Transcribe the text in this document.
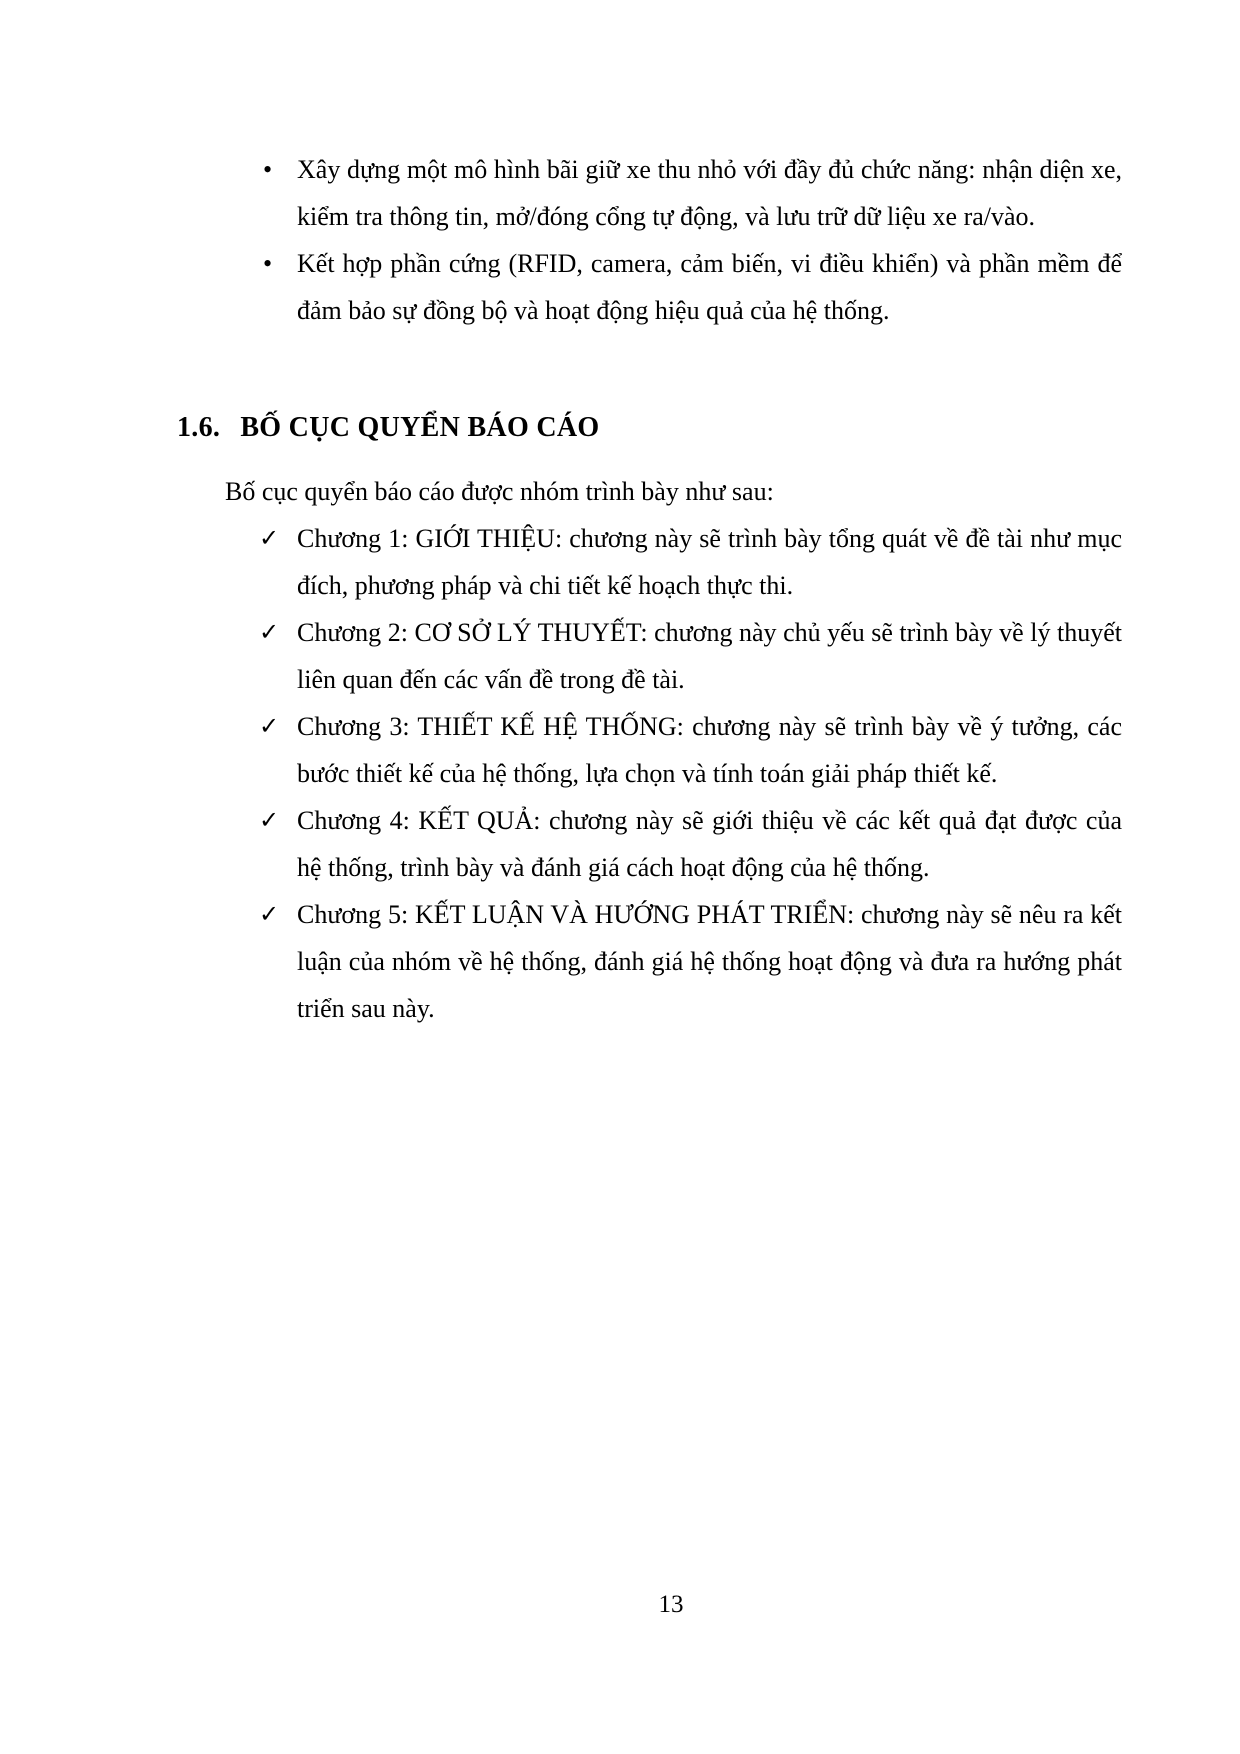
• Xây dựng một mô hình bãi giữ xe thu nhỏ với đầy đủ chức năng: nhận diện xe, kiểm tra thông tin, mở/đóng cổng tự động, và lưu trữ dữ liệu xe ra/vào.
• Kết hợp phần cứng (RFID, camera, cảm biến, vi điều khiển) và phần mềm để đảm bảo sự đồng bộ và hoạt động hiệu quả của hệ thống.
1.6. BỐ CỤC QUYỂN BÁO CÁO

Bố cục quyển báo cáo được nhóm trình bày như sau:

✓ Chương 1: GIỚI THIỆU: chương này sẽ trình bày tổng quát về đề tài như mục đích, phương pháp và chi tiết kế hoạch thực thi.
✓ Chương 2: CƠ SỞ LÝ THUYẾT: chương này chủ yếu sẽ trình bày về lý thuyết liên quan đến các vấn đề trong đề tài.
✓ Chương 3: THIẾT KẾ HỆ THỐNG: chương này sẽ trình bày về ý tưởng, các bước thiết kế của hệ thống, lựa chọn và tính toán giải pháp thiết kế.
✓ Chương 4: KẾT QUẢ: chương này sẽ giới thiệu về các kết quả đạt được của hệ thống, trình bày và đánh giá cách hoạt động của hệ thống.
✓ Chương 5: KẾT LUẬN VÀ HƯỚNG PHÁT TRIỂN: chương này sẽ nêu ra kết luận của nhóm về hệ thống, đánh giá hệ thống hoạt động và đưa ra hướng phát triển sau này.
13
